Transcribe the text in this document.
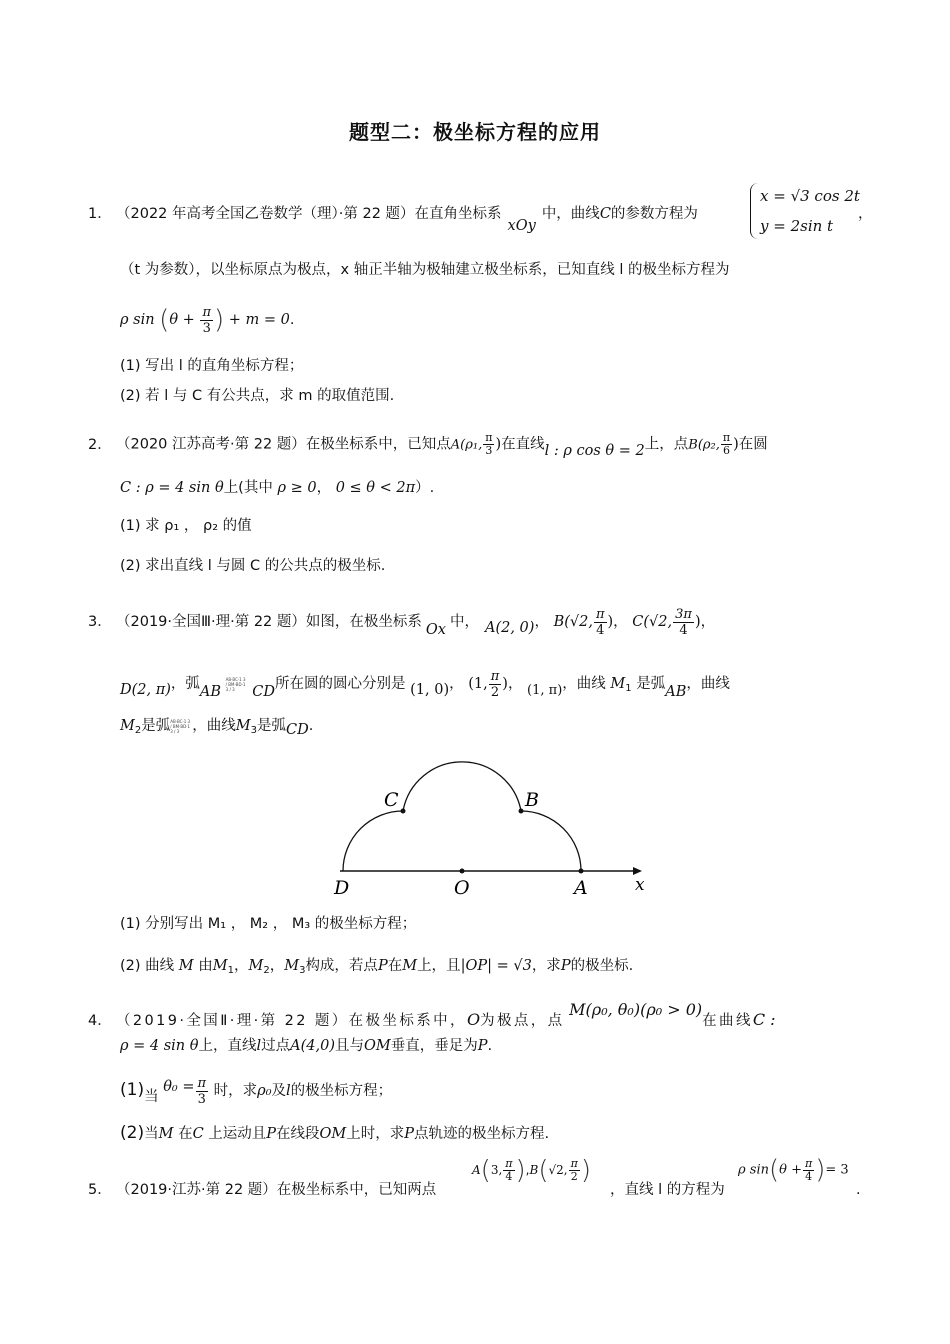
题型二：极坐标方程的应用
1． （2022 年高考全国乙卷数学（理）·第 22 题）在直角坐标系xOy中，曲线C的参数方程为
x = √3 cos 2t
y = 2sin t
，
（t 为参数），以坐标原点为极点，x 轴正半轴为极轴建立极坐标系，已知直线 l 的极坐标方程为
ρ $\sin (\theta + \frac{\pi}{3}$ ) + m = 0.
(1) 写出 l 的直角坐标方程；
(2) 若 l 与 C 有公共点，求 m 的取值范围.
2． （2020 江苏高考·第 22 题）在极坐标系中，已知点A(ρ₁, $\frac{\pi}{3}$ )在直线l : ρ cos θ = 2上，点B(ρ₂, $\frac{\pi}{6}$ )在圆
C : ρ = 4 sin θ上(其中 ρ ≥ 0， 0 ≤ θ < 2π）.
(1) 求 ρ₁ ， ρ₂ 的值
(2) 求出直线 l 与圆 C 的公共点的极坐标.
3． （2019·全国Ⅲ·理·第 22 题）如图，在极坐标系 Ox 中， A(2, 0)， B(√2, $\frac{\pi}{4}$ )， C(√2, $\frac{3\pi}{4}$ )，
D(2, π)，弧AB AB·BC·1 3 / BM·BD·1 3 / 3 CD所在圆的圆心分别是 (1, 0)， (1, $\frac{\pi}{2}$ )， (1, π)，曲线 $M_1$ 是弧AB，曲线
$M_2$是弧AB·BC·1 3 / BM·BD·1 3 / 3 ，曲线$M_3$是弧CD.
C	B
D	O	A	x
(1) 分别写出 M₁ ， M₂ ， M₃ 的极坐标方程；
(2) 曲线 M 由$M_1$，$M_2$，$M_3$构成，若点P在M上，且|OP| = √3，求P的极坐标.
4． （2019·全国Ⅱ·理·第 22 题）在极坐标系中，O为极点，点 M(ρ₀, θ₀)(ρ₀ > 0)在曲线C :
ρ = 4 sin θ上，直线l过点A(4,0)且与OM垂直，垂足为P.
(1)当 $\theta_0 = \frac{\pi}{3}$ 时，求ρ₀及l的极坐标方程；
(2)当M 在C 上运动且P在线段OM上时，求P点轨迹的极坐标方程.
5． （2019·江苏·第 22 题）在极坐标系中，已知两点
A(3, $\frac{\pi}{4} ),B(√2$, $\frac{\pi}{2}$ )
，直线 l 的方程为
ρ $\sin(\theta + \frac{\pi}{4}$ )= 3
.
